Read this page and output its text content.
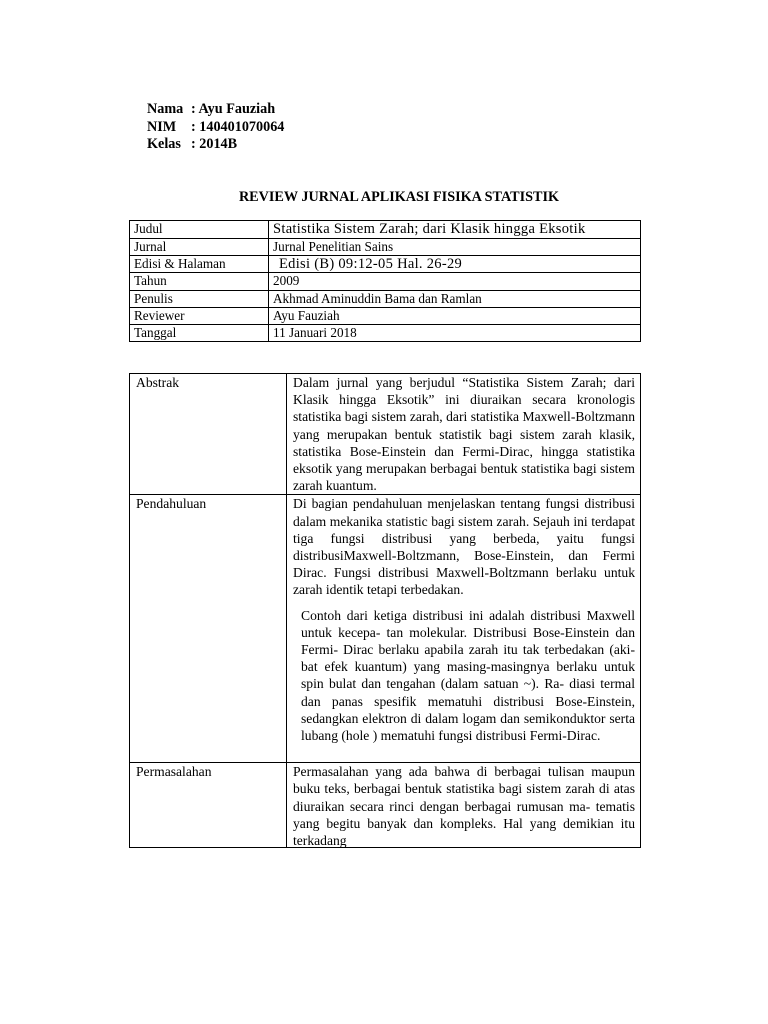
Nama : Ayu Fauziah
NIM	: 140401070064
Kelas : 2014B
REVIEW JURNAL APLIKASI FISIKA STATISTIK
Judul	Statistika Sistem Zarah; dari Klasik hingga Eksotik
Jurnal	Jurnal Penelitian Sains
Edisi & Halaman	Edisi (B) 09:12-05 Hal. 26-29
Tahun	2009
Penulis	Akhmad Aminuddin Bama dan Ramlan
Reviewer	Ayu Fauziah
Tanggal	11 Januari 2018
Abstrak	Dalam jurnal yang berjudul “Statistika Sistem Zarah; dari Klasik hingga Eksotik” ini diuraikan secara kronologis statistika bagi sistem zarah, dari statistika Maxwell-Boltzmann yang merupakan bentuk statistik bagi sistem zarah klasik, statistika Bose-Einstein dan Fermi-Dirac, hingga statistika eksotik yang merupakan berbagai bentuk statistika bagi sistem zarah kuantum.

Pendahuluan	Di bagian pendahuluan menjelaskan tentang fungsi distribusi dalam mekanika statistic bagi sistem zarah. Sejauh ini terdapat tiga fungsi distribusi yang berbeda, yaitu fungsi distribusiMaxwell-Boltzmann, Bose-Einstein, dan Fermi Dirac. Fungsi distribusi Maxwell-Boltzmann berlaku untuk zarah identik tetapi terbedakan.

Contoh dari ketiga distribusi ini adalah distribusi Maxwell untuk kecepa- tan molekular. Distribusi Bose-Einstein dan Fermi- Dirac berlaku apabila zarah itu tak terbedakan (aki- bat efek kuantum) yang masing-masingnya berlaku untuk spin bulat dan tengahan (dalam satuan ~). Ra- diasi termal dan panas spesifik mematuhi distribusi Bose-Einstein, sedangkan elektron di dalam logam dan semikonduktor serta lubang (hole ) mematuhi fungsi distribusi Fermi-Dirac.

Permasalahan	Permasalahan yang ada bahwa di berbagai tulisan maupun buku teks, berbagai bentuk statistika bagi sistem zarah di atas diuraikan secara rinci dengan berbagai rumusan ma- tematis yang begitu banyak dan kompleks. Hal yang demikian itu terkadang
